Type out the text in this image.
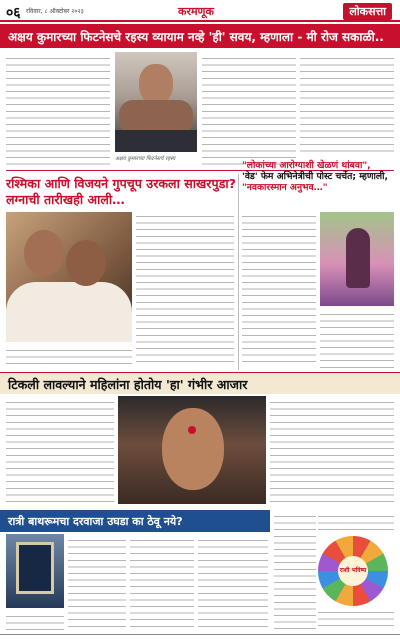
०६ रविवार, ८ ऑक्टोबर २०२३	करमणूक	लोकसत्ता
अक्षय कुमारच्या फिटनेसचे रहस्य व्यायाम नव्हे 'ही' सवय, म्हणाला - मी रोज सकाळी..
अक्षय कुमारच्या फिटनेसचे रहस्य
रश्मिका आणि विजयने गुपचूप उरकला साखरपुडा? लग्नाची तारीखही आली…
"लोकांच्या आरोग्याशी खेळणं थांबवा",
'वेड' फेम अभिनेत्रीची पोस्ट चर्चेत; म्हणाली,
"नवकारस्मान अनुभव…"
टिकली लावल्याने महिलांना होतोय 'हा' गंभीर आजार
रात्री बाथरूमचा दरवाजा उघडा का ठेवू नये?
राशी भविष्य
